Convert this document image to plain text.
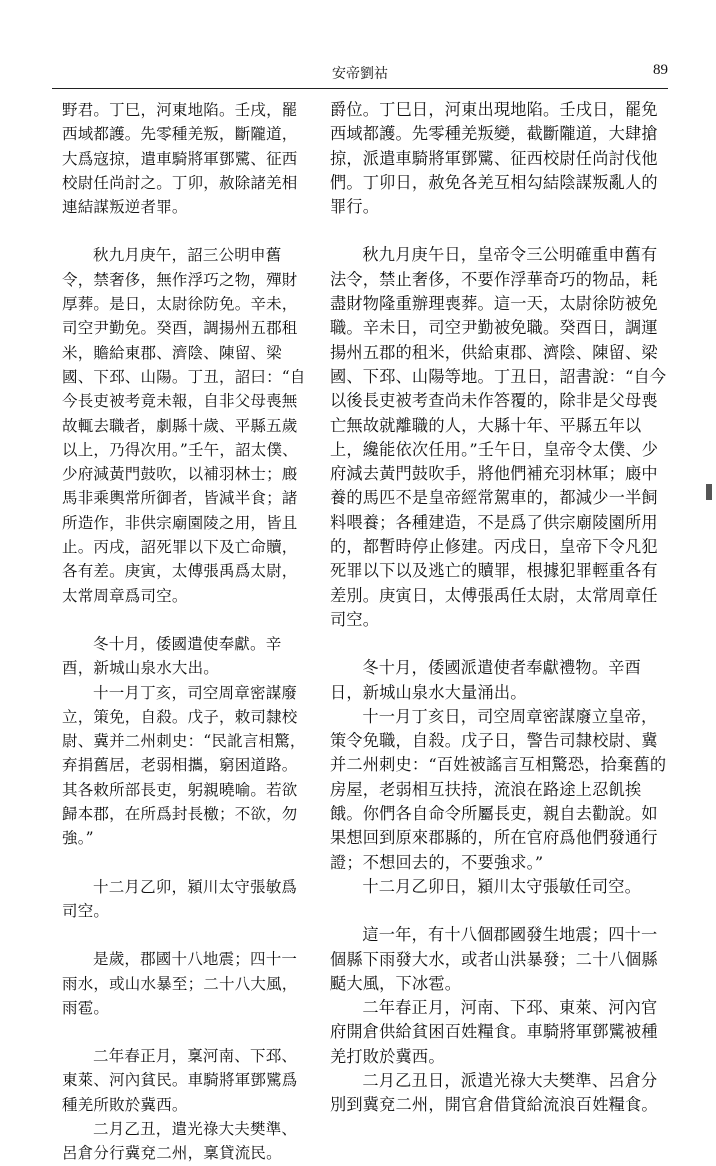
安帝劉祜	89

野君。丁巳，河東地陷。壬戌，罷西域都護。先零種羌叛，斷隴道，大爲寇掠，遣車騎將軍鄧騭、征西校尉任尚討之。丁卯，赦除諸羌相連結謀叛逆者罪。

秋九月庚午，詔三公明申舊令，禁奢侈，無作浮巧之物，殫財厚葬。是日，太尉徐防免。辛未，司空尹勤免。癸酉，調揚州五郡租米，贍給東郡、濟陰、陳留、梁國、下邳、山陽。丁丑，詔曰：“自今長吏被考竟未報，自非父母喪無故輒去職者，劇縣十歲、平縣五歲以上，乃得次用。”壬午，詔太僕、少府減黃門鼓吹，以補羽林士；廄馬非乘輿常所御者，皆減半食；諸所造作，非供宗廟園陵之用，皆且止。丙戌，詔死罪以下及亡命贖，各有差。庚寅，太傅張禹爲太尉，太常周章爲司空。

冬十月，倭國遣使奉獻。辛酉，新城山泉水大出。

十一月丁亥，司空周章密謀廢立，策免，自殺。戊子，敕司隸校尉、冀并二州刺史：“民訛言相驚，弃捐舊居，老弱相攜，窮困道路。其各敕所部長吏，躬親曉喻。若欲歸本郡，在所爲封長檄；不欲，勿強。”

十二月乙卯，潁川太守張敏爲司空。

是歲，郡國十八地震；四十一雨水，或山水暴至；二十八大風，雨雹。

二年春正月，稟河南、下邳、東萊、河內貧民。車騎將軍鄧騭爲種羌所敗於冀西。

二月乙丑，遣光祿大夫樊準、呂倉分行冀兗二州，稟貸流民。

爵位。丁巳日，河東出現地陷。壬戌日，罷免西域都護。先零種羌叛變，截斷隴道，大肆搶掠，派遣車騎將軍鄧騭、征西校尉任尚討伐他們。丁卯日，赦免各羌互相勾結陰謀叛亂人的罪行。

秋九月庚午日，皇帝令三公明確重申舊有法令，禁止奢侈，不要作浮華奇巧的物品，耗盡財物隆重辦理喪葬。這一天，太尉徐防被免職。辛未日，司空尹勤被免職。癸酉日，調運揚州五郡的租米，供給東郡、濟陰、陳留、梁國、下邳、山陽等地。丁丑日，詔書說：“自今以後長吏被考查尚未作答覆的，除非是父母喪亡無故就離職的人，大縣十年、平縣五年以上，纔能依次任用。”壬午日，皇帝令太僕、少府減去黃門鼓吹手，將他們補充羽林軍；廄中養的馬匹不是皇帝經常駕車的，都減少一半飼料喂養；各種建造，不是爲了供宗廟陵園所用的，都暫時停止修建。丙戌日，皇帝下令凡犯死罪以下以及逃亡的贖罪，根據犯罪輕重各有差別。庚寅日，太傅張禹任太尉，太常周章任司空。

冬十月，倭國派遣使者奉獻禮物。辛酉日，新城山泉水大量涌出。

十一月丁亥日，司空周章密謀廢立皇帝，策令免職，自殺。戊子日，警告司隸校尉、冀并二州刺史：“百姓被謠言互相驚恐，拾棄舊的房屋，老弱相互扶持，流浪在路途上忍飢挨餓。你們各自命令所屬長吏，親自去勸說。如果想回到原來郡縣的，所在官府爲他們發通行證；不想回去的，不要強求。”

十二月乙卯日，潁川太守張敏任司空。

這一年，有十八個郡國發生地震；四十一個縣下雨發大水，或者山洪暴發；二十八個縣颳大風，下冰雹。

二年春正月，河南、下邳、東萊、河內官府開倉供給貧困百姓糧食。車騎將軍鄧騭被種羌打敗於冀西。

二月乙丑日，派遣光祿大夫樊準、呂倉分別到冀兗二州，開官倉借貸給流浪百姓糧食。
